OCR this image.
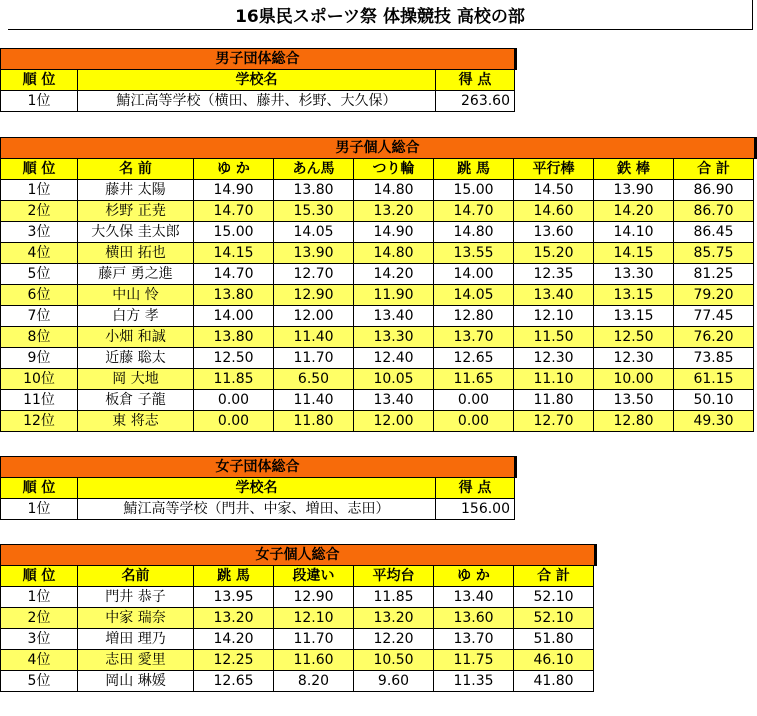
16県民スポーツ祭 体操競技 高校の部
男子団体総合
順 位	学校名	得 点
1位	鯖江高等学校（横田、藤井、杉野、大久保）	263.60
男子個人総合
順 位	名 前	ゆ か	あん馬	つり輪	跳 馬	平行棒	鉄 棒	合 計
1位	藤井 太陽	14.90	13.80	14.80	15.00	14.50	13.90	86.90
2位	杉野 正尭	14.70	15.30	13.20	14.70	14.60	14.20	86.70
3位	大久保 圭太郎	15.00	14.05	14.90	14.80	13.60	14.10	86.45
4位	横田 拓也	14.15	13.90	14.80	13.55	15.20	14.15	85.75
5位	藤戸 勇之進	14.70	12.70	14.20	14.00	12.35	13.30	81.25
6位	中山 怜	13.80	12.90	11.90	14.05	13.40	13.15	79.20
7位	白方 孝	14.00	12.00	13.40	12.80	12.10	13.15	77.45
8位	小畑 和誠	13.80	11.40	13.30	13.70	11.50	12.50	76.20
9位	近藤 聡太	12.50	11.70	12.40	12.65	12.30	12.30	73.85
10位	岡 大地	11.85	6.50	10.05	11.65	11.10	10.00	61.15
11位	板倉 子龍	0.00	11.40	13.40	0.00	11.80	13.50	50.10
12位	東 将志	0.00	11.80	12.00	0.00	12.70	12.80	49.30
女子団体総合
順 位	学校名	得 点
1位	鯖江高等学校（門井、中家、増田、志田）	156.00
女子個人総合
順 位	名前	跳 馬	段違い	平均台	ゆ か	合 計
1位	門井 恭子	13.95	12.90	11.85	13.40	52.10
2位	中家 瑞奈	13.20	12.10	13.20	13.60	52.10
3位	増田 理乃	14.20	11.70	12.20	13.70	51.80
4位	志田 愛里	12.25	11.60	10.50	11.75	46.10
5位	岡山 琳媛	12.65	8.20	9.60	11.35	41.80
